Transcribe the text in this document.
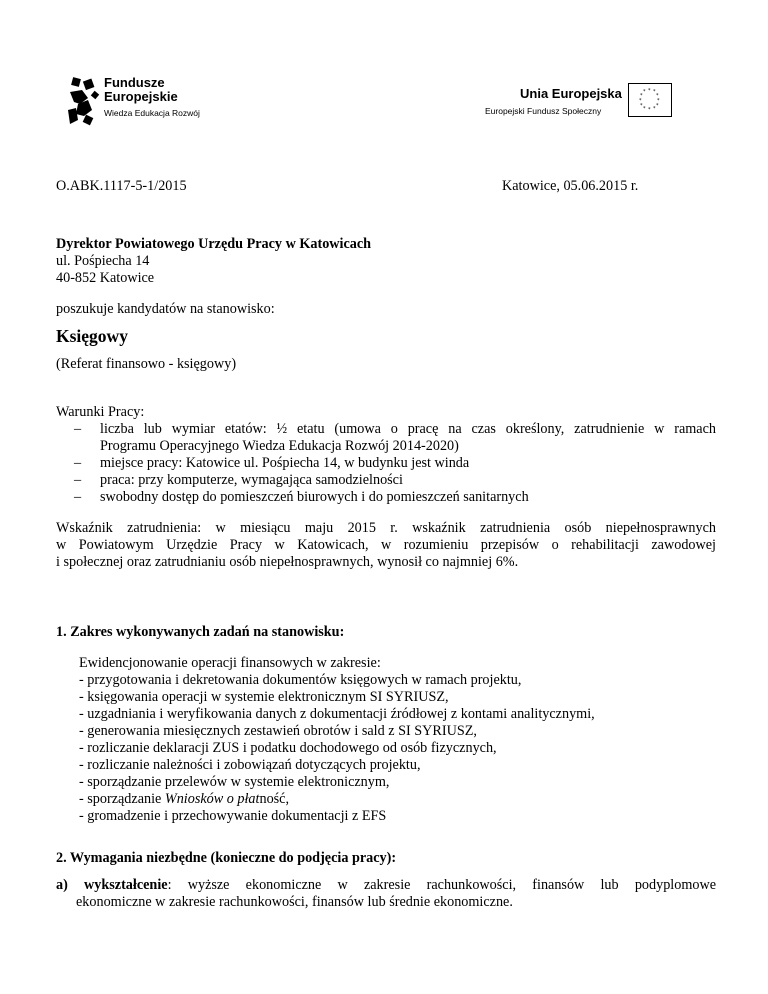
Fundusze
Europejskie
Wiedza Edukacja Rozwój
Unia Europejska
Europejski Fundusz Społeczny
* *
*
*
*
*
*
*
*
*
*
*
O.ABK.1117-5-1/2015	Katowice, 05.06.2015 r.
Dyrektor Powiatowego Urzędu Pracy w Katowicach
ul. Pośpiecha 14
40-852 Katowice
poszukuje kandydatów na stanowisko:
Księgowy
(Referat finansowo - księgowy)
Warunki Pracy:
– liczba lub wymiar etatów: ½ etatu (umowa o pracę na czas określony, zatrudnienie w ramach
Programu Operacyjnego Wiedza Edukacja Rozwój 2014-2020)
– miejsce pracy: Katowice ul. Pośpiecha 14, w budynku jest winda
– praca: przy komputerze, wymagająca samodzielności
– swobodny dostęp do pomieszczeń biurowych i do pomieszczeń sanitarnych

Wskaźnik zatrudnienia: w miesiącu maju 2015 r. wskaźnik zatrudnienia osób niepełnosprawnych

w Powiatowym Urzędzie Pracy w Katowicach, w rozumieniu przepisów o rehabilitacji zawodowej

i społecznej oraz zatrudnianiu osób niepełnosprawnych, wynosił co najmniej 6%.

1. Zakres wykonywanych zadań na stanowisku:
Ewidencjonowanie operacji finansowych w zakresie:
- przygotowania i dekretowania dokumentów księgowych w ramach projektu,
- księgowania operacji w systemie elektronicznym SI SYRIUSZ,
- uzgadniania i weryfikowania danych z dokumentacji źródłowej z kontami analitycznymi,
- generowania miesięcznych zestawień obrotów i sald z SI SYRIUSZ,
- rozliczanie deklaracji ZUS i podatku dochodowego od osób fizycznych,
- rozliczanie należności i zobowiązań dotyczących projektu,
- sporządzanie przelewów w systemie elektronicznym,
- sporządzanie Wniosków o płatność,
- gromadzenie i przechowywanie dokumentacji z EFS
2. Wymagania niezbędne (konieczne do podjęcia pracy):
a) wykształcenie: wyższe ekonomiczne w zakresie rachunkowości, finansów lub podyplomowe
ekonomiczne w zakresie rachunkowości, finansów lub średnie ekonomiczne.
